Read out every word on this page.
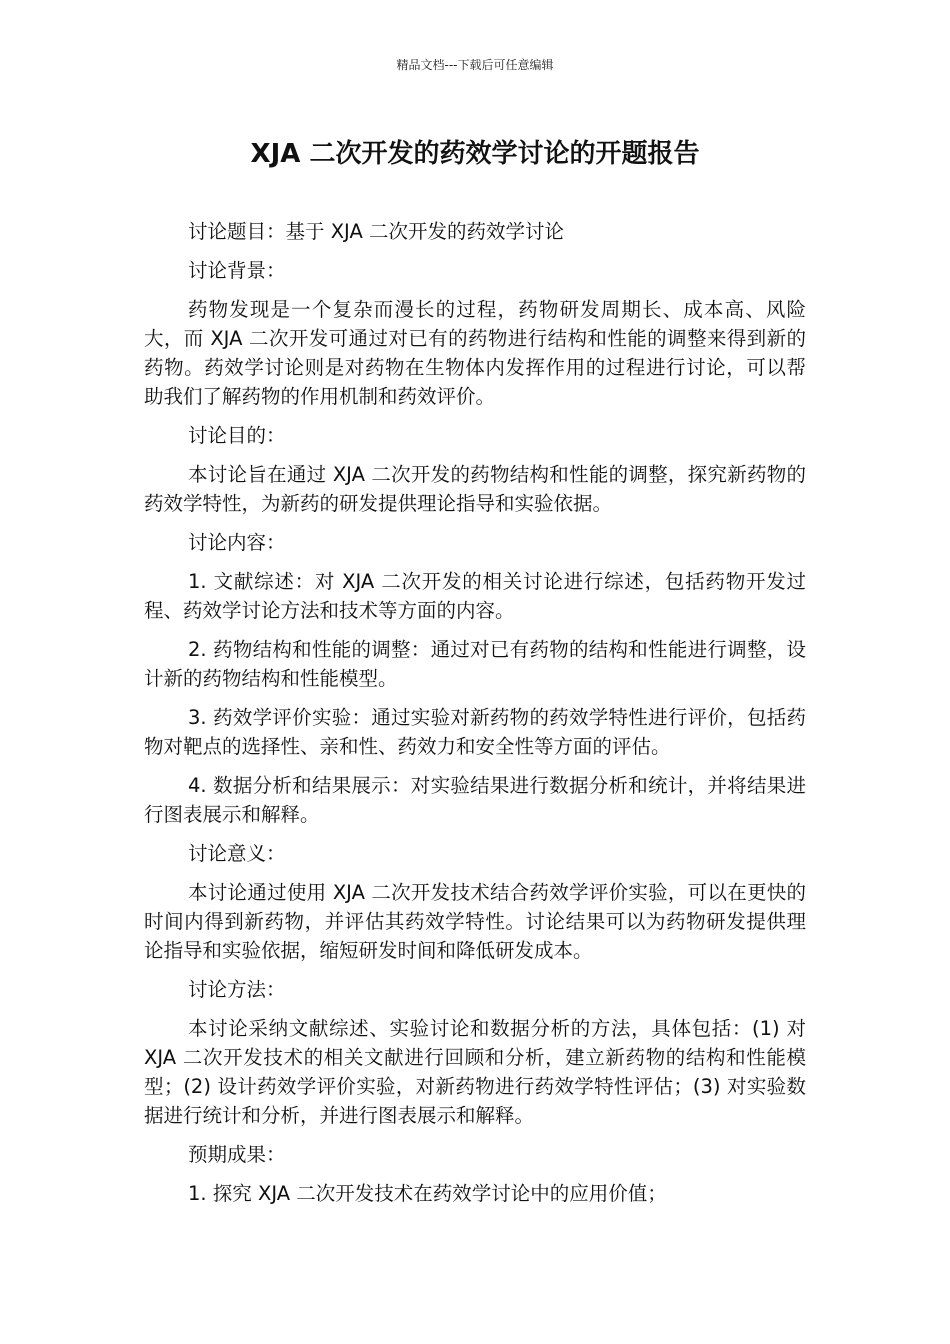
精品文档---下载后可任意编辑
XJA 二次开发的药效学讨论的开题报告

讨论题目：基于 XJA 二次开发的药效学讨论

讨论背景：

药物发现是一个复杂而漫长的过程，药物研发周期长、成本高、风险大，而 XJA 二次开发可通过对已有的药物进行结构和性能的调整来得到新的药物。药效学讨论则是对药物在生物体内发挥作用的过程进行讨论，可以帮助我们了解药物的作用机制和药效评价。

讨论目的：

本讨论旨在通过 XJA 二次开发的药物结构和性能的调整，探究新药物的药效学特性，为新药的研发提供理论指导和实验依据。

讨论内容：

1. 文献综述：对 XJA 二次开发的相关讨论进行综述，包括药物开发过程、药效学讨论方法和技术等方面的内容。

2. 药物结构和性能的调整：通过对已有药物的结构和性能进行调整，设计新的药物结构和性能模型。

3. 药效学评价实验：通过实验对新药物的药效学特性进行评价，包括药物对靶点的选择性、亲和性、药效力和安全性等方面的评估。

4. 数据分析和结果展示：对实验结果进行数据分析和统计，并将结果进行图表展示和解释。

讨论意义：

本讨论通过使用 XJA 二次开发技术结合药效学评价实验，可以在更快的时间内得到新药物，并评估其药效学特性。讨论结果可以为药物研发提供理论指导和实验依据，缩短研发时间和降低研发成本。

讨论方法：

本讨论采纳文献综述、实验讨论和数据分析的方法，具体包括：(1) 对 XJA 二次开发技术的相关文献进行回顾和分析，建立新药物的结构和性能模型；(2) 设计药效学评价实验，对新药物进行药效学特性评估；(3) 对实验数据进行统计和分析，并进行图表展示和解释。

预期成果：

1. 探究 XJA 二次开发技术在药效学讨论中的应用价值；
